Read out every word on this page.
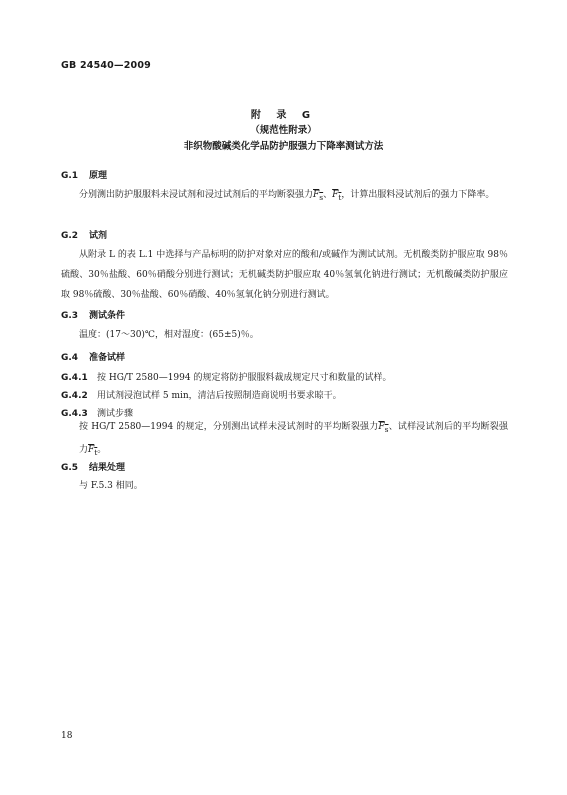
GB 24540—2009
附 录 G
（规范性附录）
非织物酸碱类化学品防护服强力下降率测试方法
G.1 原理
分别测出防护服服料未浸试剂和浸过试剂后的平均断裂强力$F_s$、$F_t$，计算出服料浸试剂后的强力下降率。
G.2 试剂
从附录 L 的表 L.1 中选择与产品标明的防护对象对应的酸和/或碱作为测试试剂。无机酸类防护服应取 98％硫酸、30％盐酸、60％硝酸分别进行测试；无机碱类防护服应取 40％氢氧化钠进行测试；无机酸碱类防护服应取 98％硫酸、30％盐酸、60％硝酸、40％氢氧化钠分别进行测试。
G.3 测试条件
温度：(17～30)℃，相对湿度：(65±5)％。
G.4 准备试样
G.4.1 按 HG/T 2580—1994 的规定将防护服服料裁成规定尺寸和数量的试样。
G.4.2 用试剂浸泡试样 5 min，清洁后按照制造商说明书要求晾干。
G.4.3 测试步骤
按 HG/T 2580—1994 的规定，分别测出试样未浸试剂时的平均断裂强力$F_s$、试样浸试剂后的平均断裂强力$F_t$。
G.5 结果处理
与 F.5.3 相同。
18
